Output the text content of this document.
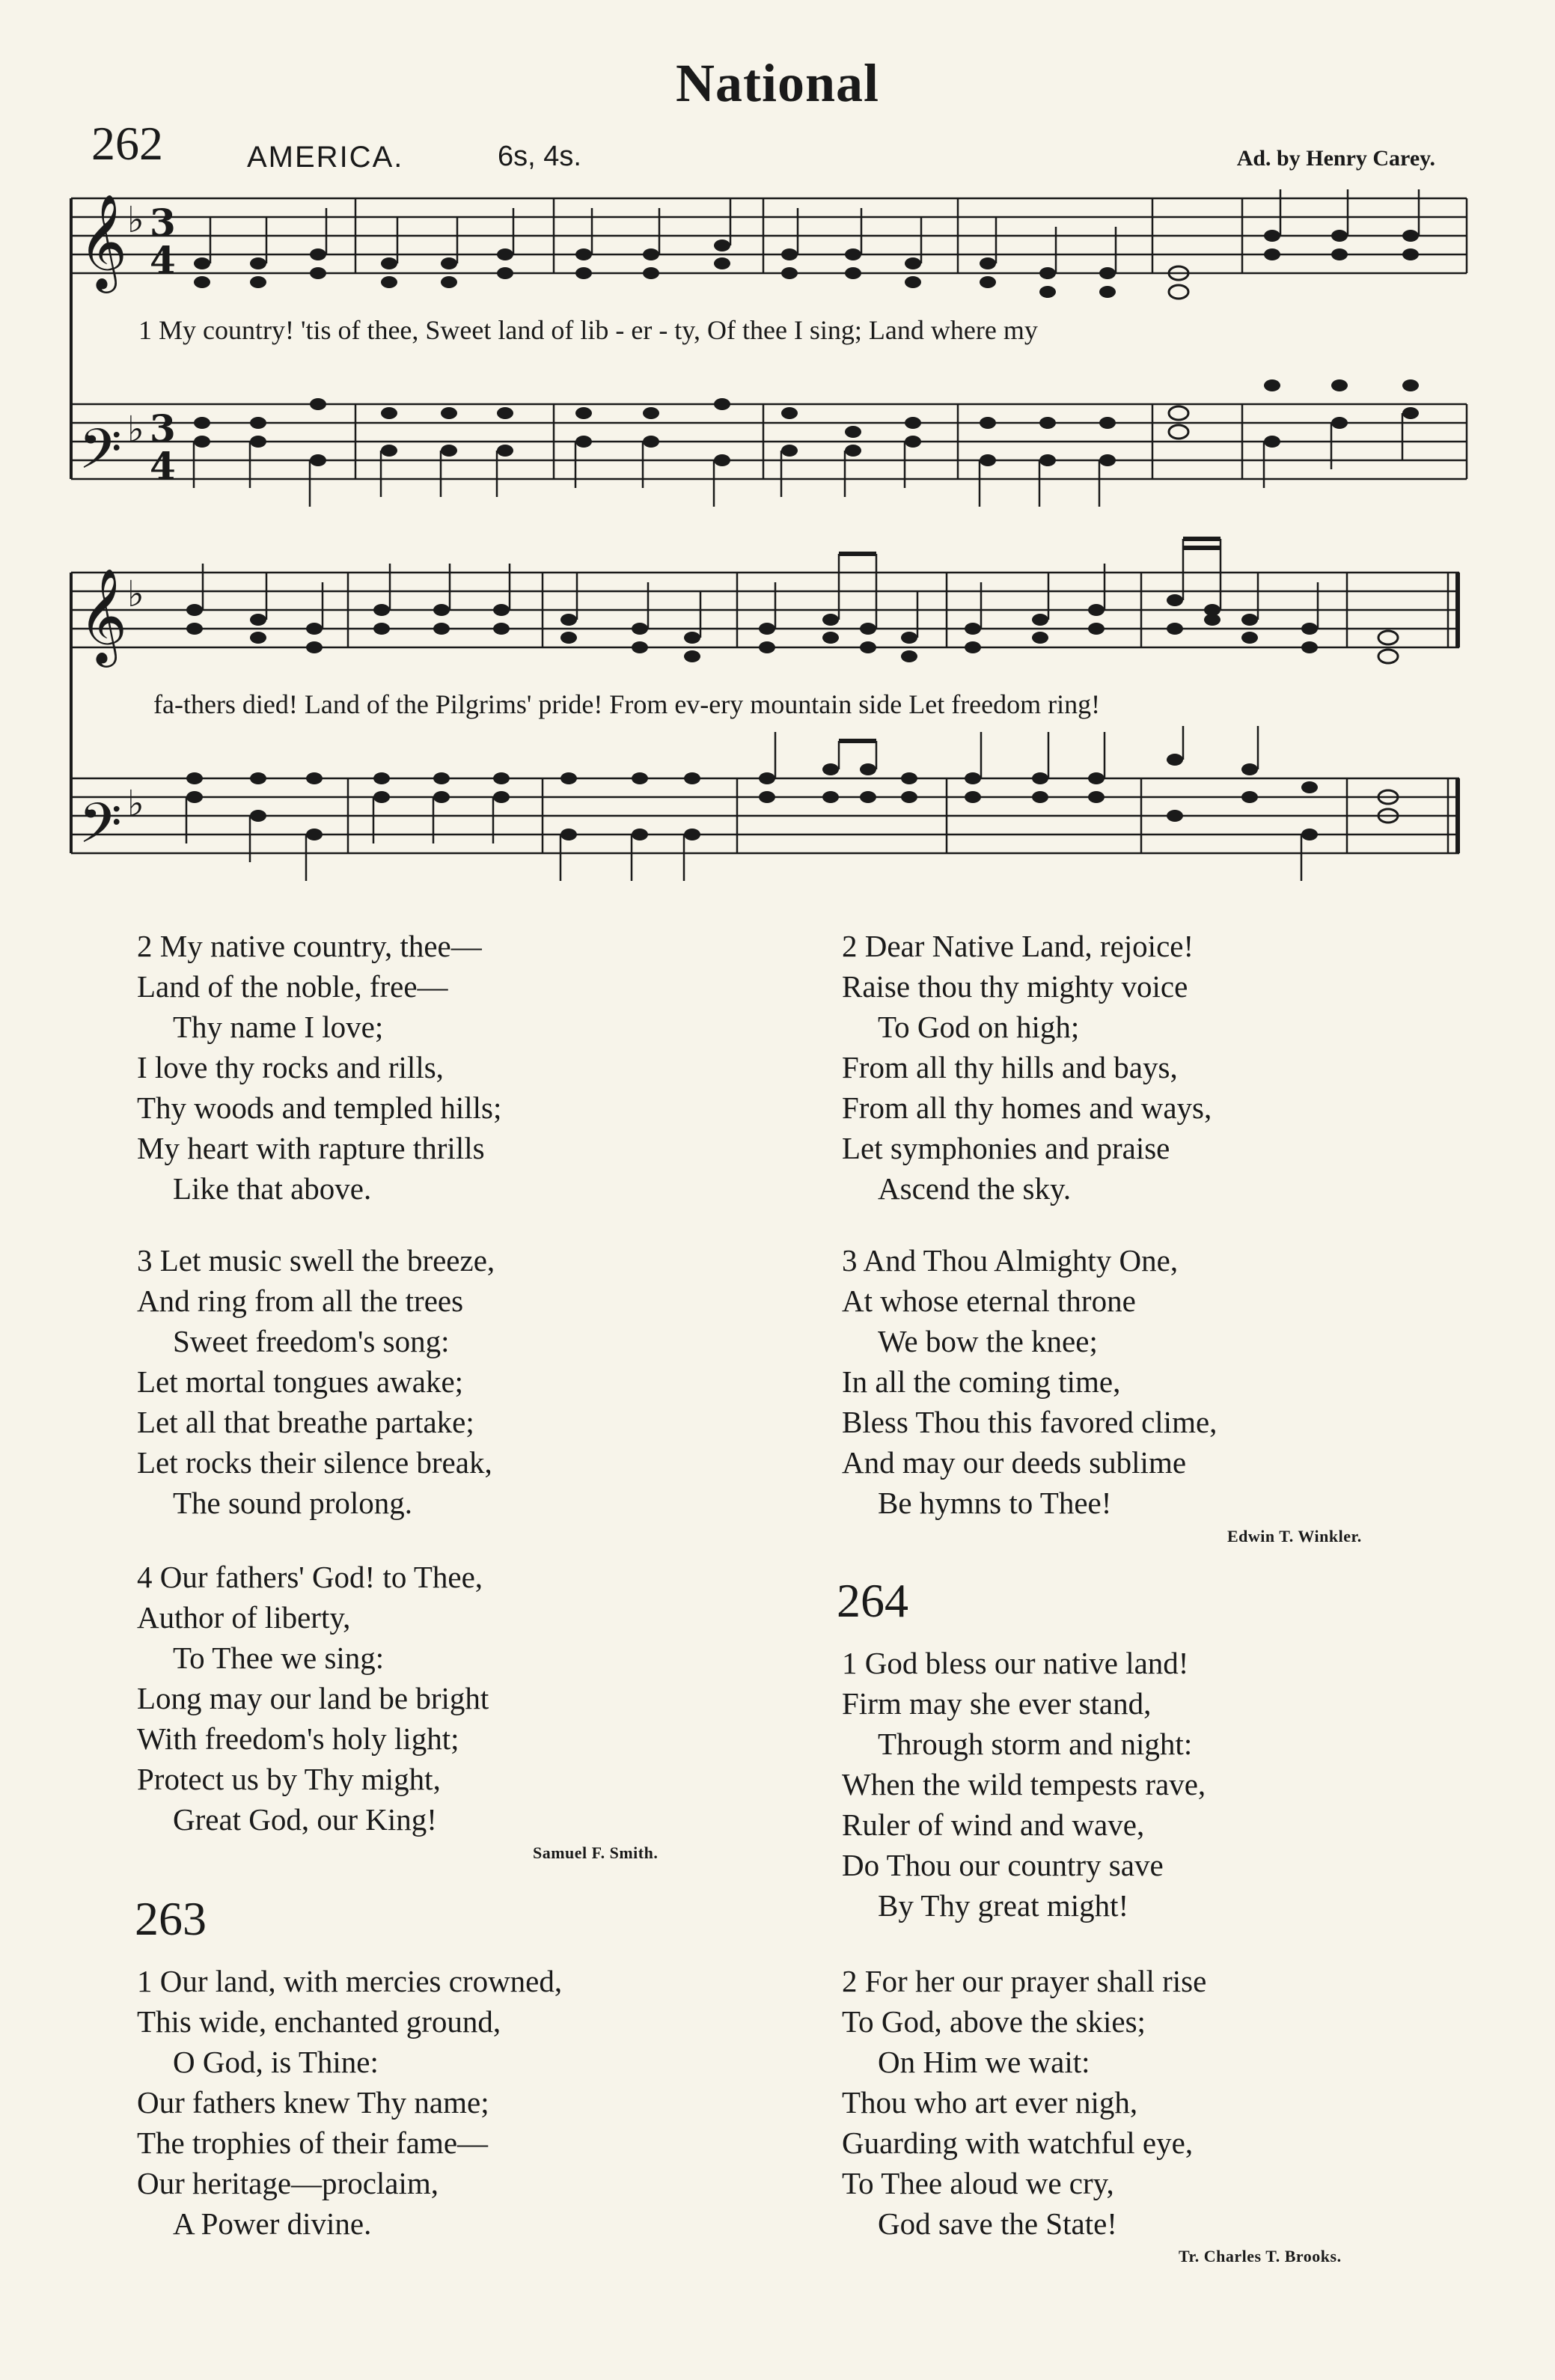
National
262	AMERICA.	6s, 4s.	Ad. by Henry Carey.
𝄞
𝄢
𝄞
𝄢
♭
♭
♭
♭
3
4
3
4
1 My country! 'tis of thee, Sweet land of lib - er - ty, Of thee I sing; Land where my
fa-thers died! Land of the Pilgrims' pride! From ev-ery mountain side Let freedom ring!
2 My native country, thee—
Land of the noble, free—
Thy name I love;
I love thy rocks and rills,
Thy woods and templed hills;
My heart with rapture thrills
Like that above.
3 Let music swell the breeze,
And ring from all the trees
Sweet freedom's song:
Let mortal tongues awake;
Let all that breathe partake;
Let rocks their silence break,
The sound prolong.
4 Our fathers' God! to Thee,
Author of liberty,
To Thee we sing:
Long may our land be bright
With freedom's holy light;
Protect us by Thy might,
Great God, our King!
Samuel F. Smith.
263
1 Our land, with mercies crowned,
This wide, enchanted ground,
O God, is Thine:
Our fathers knew Thy name;
The trophies of their fame—
Our heritage—proclaim,
A Power divine.
2 Dear Native Land, rejoice!
Raise thou thy mighty voice
To God on high;
From all thy hills and bays,
From all thy homes and ways,
Let symphonies and praise
Ascend the sky.
3 And Thou Almighty One,
At whose eternal throne
We bow the knee;
In all the coming time,
Bless Thou this favored clime,
And may our deeds sublime
Be hymns to Thee!
Edwin T. Winkler.
264
1 God bless our native land!
Firm may she ever stand,
Through storm and night:
When the wild tempests rave,
Ruler of wind and wave,
Do Thou our country save
By Thy great might!
2 For her our prayer shall rise
To God, above the skies;
On Him we wait:
Thou who art ever nigh,
Guarding with watchful eye,
To Thee aloud we cry,
God save the State!
Tr. Charles T. Brooks.
